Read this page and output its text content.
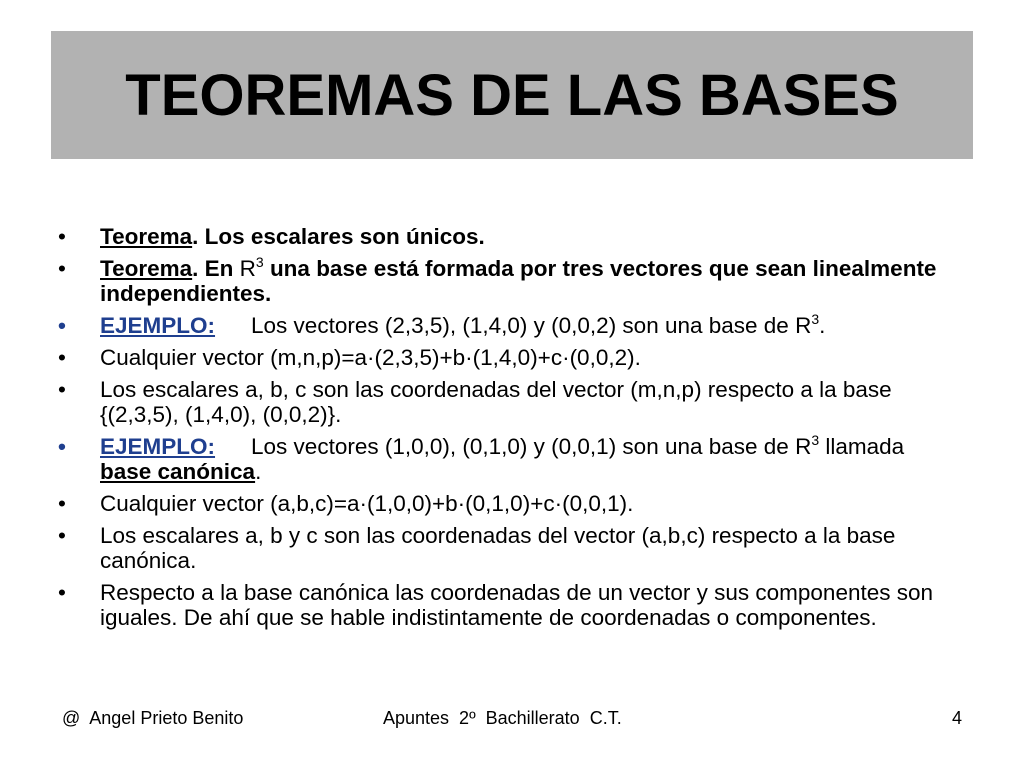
TEOREMAS DE LAS BASES
•	Teorema. Los escalares son únicos.
•	Teorema. En $R^3$ una base está formada por tres vectores que sean linealmente independientes.
•	EJEMPLO: Los vectores (2,3,5), (1,4,0) y (0,0,2) son una base de $R^3$.
•	Cualquier vector (m,n,p)=a·(2,3,5)+b·(1,4,0)+c·(0,0,2).
•	Los escalares a, b, c son las coordenadas del vector (m,n,p) respecto a la base {(2,3,5), (1,4,0), (0,0,2)}.
•	EJEMPLO: Los vectores (1,0,0), (0,1,0) y (0,0,1) son una base de $R^3$ llamada base canónica.
•	Cualquier vector (a,b,c)=a·(1,0,0)+b·(0,1,0)+c·(0,0,1).
•	Los escalares a, b y c son las coordenadas del vector (a,b,c) respecto a la base canónica.
•	Respecto a la base canónica las coordenadas de un vector y sus componentes son iguales. De ahí que se hable indistintamente de coordenadas o componentes.
@  Angel Prieto Benito	Apuntes  2º  Bachillerato  C.T.	4
